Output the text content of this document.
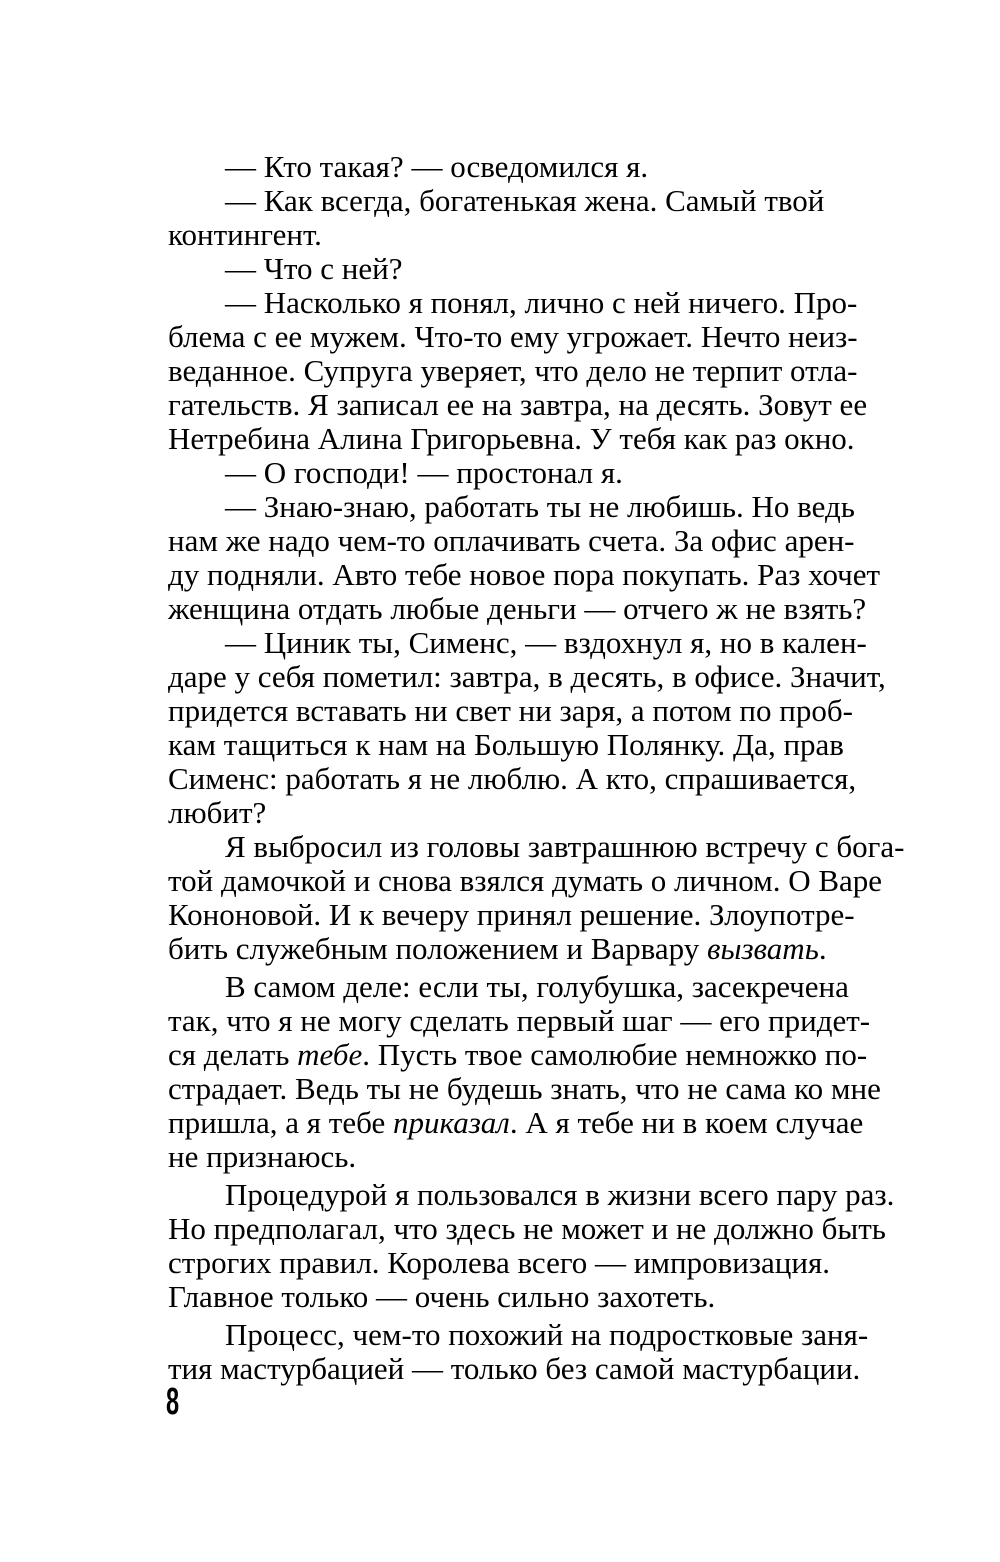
— Кто такая? — осведомился я.
— Как всегда, богатенькая жена. Самый твой
контингент.
— Что с ней?
— Насколько я понял, лично с ней ничего. Про-
блема с ее мужем. Что-то ему угрожает. Нечто неиз-
веданное. Супруга уверяет, что дело не терпит отла-
гательств. Я записал ее на завтра, на десять. Зовут ее
Нетребина Алина Григорьевна. У тебя как раз окно.
— О господи! — простонал я.
— Знаю-знаю, работать ты не любишь. Но ведь
нам же надо чем-то оплачивать счета. За офис арен-
ду подняли. Авто тебе новое пора покупать. Раз хочет
женщина отдать любые деньги — отчего ж не взять?
— Циник ты, Сименс, — вздохнул я, но в кален-
даре у себя пометил: завтра, в десять, в офисе. Значит,
придется вставать ни свет ни заря, а потом по проб-
кам тащиться к нам на Большую Полянку. Да, прав
Сименс: работать я не люблю. А кто, спрашивается,
любит?
Я выбросил из головы завтрашнюю встречу с бога-
той дамочкой и снова взялся думать о личном. О Варе
Кононовой. И к вечеру принял решение. Злоупотре-
бить служебным положением и Варвару вызвать.
В самом деле: если ты, голубушка, засекречена
так, что я не могу сделать первый шаг — его придет-
ся делать тебе. Пусть твое самолюбие немножко по-
страдает. Ведь ты не будешь знать, что не сама ко мне
пришла, а я тебе приказал. А я тебе ни в коем случае
не признаюсь.
Процедурой я пользовался в жизни всего пару раз.
Но предполагал, что здесь не может и не должно быть
строгих правил. Королева всего — импровизация.
Главное только — очень сильно захотеть.
Процесс, чем-то похожий на подростковые заня-
тия мастурбацией — только без самой мастурбации.
8
